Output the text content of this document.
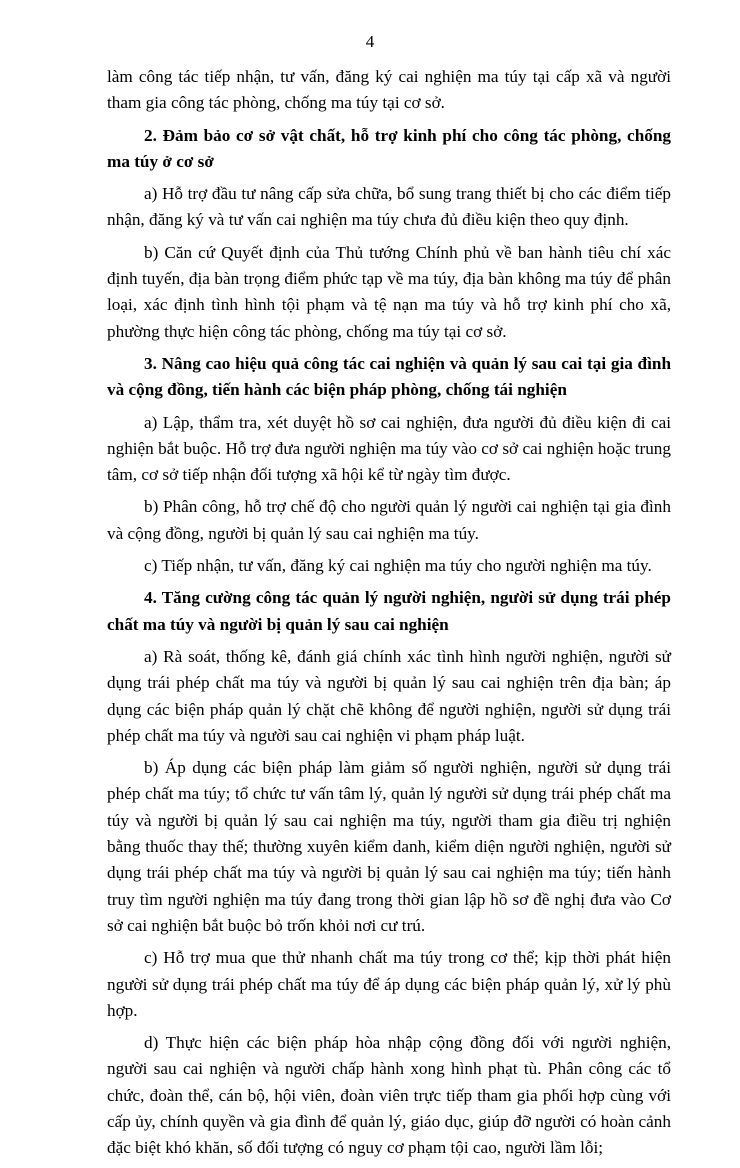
4

làm công tác tiếp nhận, tư vấn, đăng ký cai nghiện ma túy tại cấp xã và người tham gia công tác phòng, chống ma túy tại cơ sở.

2. Đảm bảo cơ sở vật chất, hỗ trợ kinh phí cho công tác phòng, chống ma túy ở cơ sở

a) Hỗ trợ đầu tư nâng cấp sửa chữa, bổ sung trang thiết bị cho các điểm tiếp nhận, đăng ký và tư vấn cai nghiện ma túy chưa đủ điều kiện theo quy định.

b) Căn cứ Quyết định của Thủ tướng Chính phủ về ban hành tiêu chí xác định tuyến, địa bàn trọng điểm phức tạp về ma túy, địa bàn không ma túy để phân loại, xác định tình hình tội phạm và tệ nạn ma túy và hỗ trợ kinh phí cho xã, phường thực hiện công tác phòng, chống ma túy tại cơ sở.

3. Nâng cao hiệu quả công tác cai nghiện và quản lý sau cai tại gia đình và cộng đồng, tiến hành các biện pháp phòng, chống tái nghiện

a) Lập, thẩm tra, xét duyệt hồ sơ cai nghiện, đưa người đủ điều kiện đi cai nghiện bắt buộc. Hỗ trợ đưa người nghiện ma túy vào cơ sở cai nghiện hoặc trung tâm, cơ sở tiếp nhận đối tượng xã hội kể từ ngày tìm được.

b) Phân công, hỗ trợ chế độ cho người quản lý người cai nghiện tại gia đình và cộng đồng, người bị quản lý sau cai nghiện ma túy.

c) Tiếp nhận, tư vấn, đăng ký cai nghiện ma túy cho người nghiện ma túy.

4. Tăng cường công tác quản lý người nghiện, người sử dụng trái phép chất ma túy và người bị quản lý sau cai nghiện

a) Rà soát, thống kê, đánh giá chính xác tình hình người nghiện, người sử dụng trái phép chất ma túy và người bị quản lý sau cai nghiện trên địa bàn; áp dụng các biện pháp quản lý chặt chẽ không để người nghiện, người sử dụng trái phép chất ma túy và người sau cai nghiện vi phạm pháp luật.

b) Áp dụng các biện pháp làm giảm số người nghiện, người sử dụng trái phép chất ma túy; tổ chức tư vấn tâm lý, quản lý người sử dụng trái phép chất ma túy và người bị quản lý sau cai nghiện ma túy, người tham gia điều trị nghiện bằng thuốc thay thế; thường xuyên kiểm danh, kiểm diện người nghiện, người sử dụng trái phép chất ma túy và người bị quản lý sau cai nghiện ma túy; tiến hành truy tìm người nghiện ma túy đang trong thời gian lập hồ sơ đề nghị đưa vào Cơ sở cai nghiện bắt buộc bỏ trốn khỏi nơi cư trú.

c) Hỗ trợ mua que thử nhanh chất ma túy trong cơ thể; kịp thời phát hiện người sử dụng trái phép chất ma túy để áp dụng các biện pháp quản lý, xử lý phù hợp.

d) Thực hiện các biện pháp hòa nhập cộng đồng đối với người nghiện, người sau cai nghiện và người chấp hành xong hình phạt tù. Phân công các tổ chức, đoàn thể, cán bộ, hội viên, đoàn viên trực tiếp tham gia phối hợp cùng với cấp ủy, chính quyền và gia đình để quản lý, giáo dục, giúp đỡ người có hoàn cảnh đặc biệt khó khăn, số đối tượng có nguy cơ phạm tội cao, người lầm lỗi;
